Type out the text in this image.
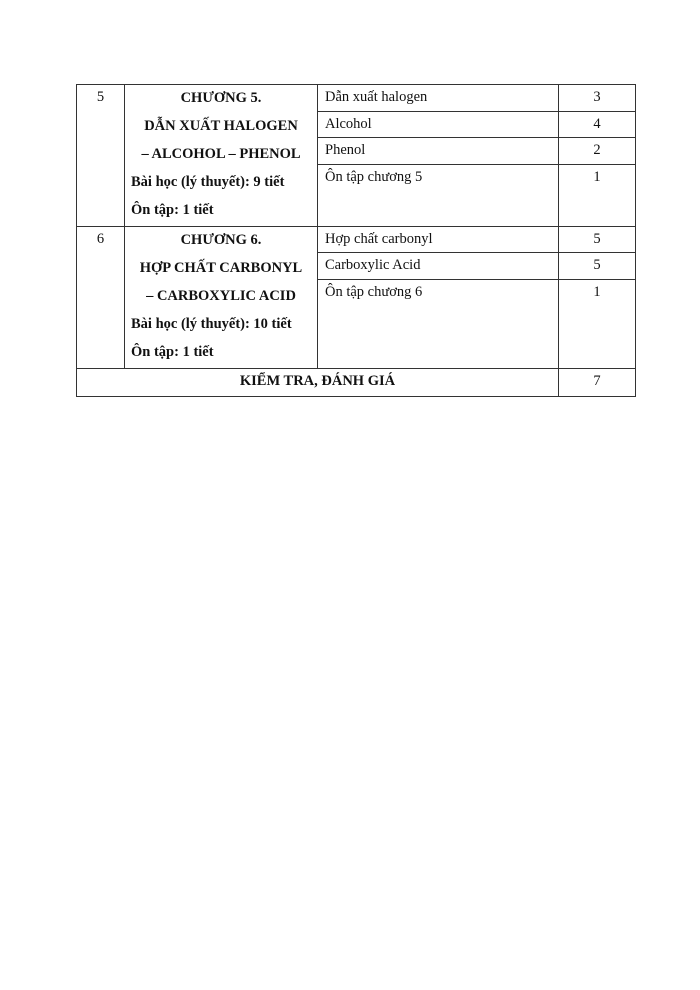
5	CHƯƠNG 5.
DẪN XUẤT HALOGEN
– ALCOHOL – PHENOL
Bài học (lý thuyết): 9 tiết
Ôn tập: 1 tiết	Dẫn xuất halogen	3
		Alcohol	4
		Phenol	2
		Ôn tập chương 5	1
6	CHƯƠNG 6.
HỢP CHẤT CARBONYL
– CARBOXYLIC ACID
Bài học (lý thuyết): 10 tiết
Ôn tập: 1 tiết	Hợp chất carbonyl	5
		Carboxylic Acid	5
		Ôn tập chương 6	1
KIỂM TRA, ĐÁNH GIÁ			7
